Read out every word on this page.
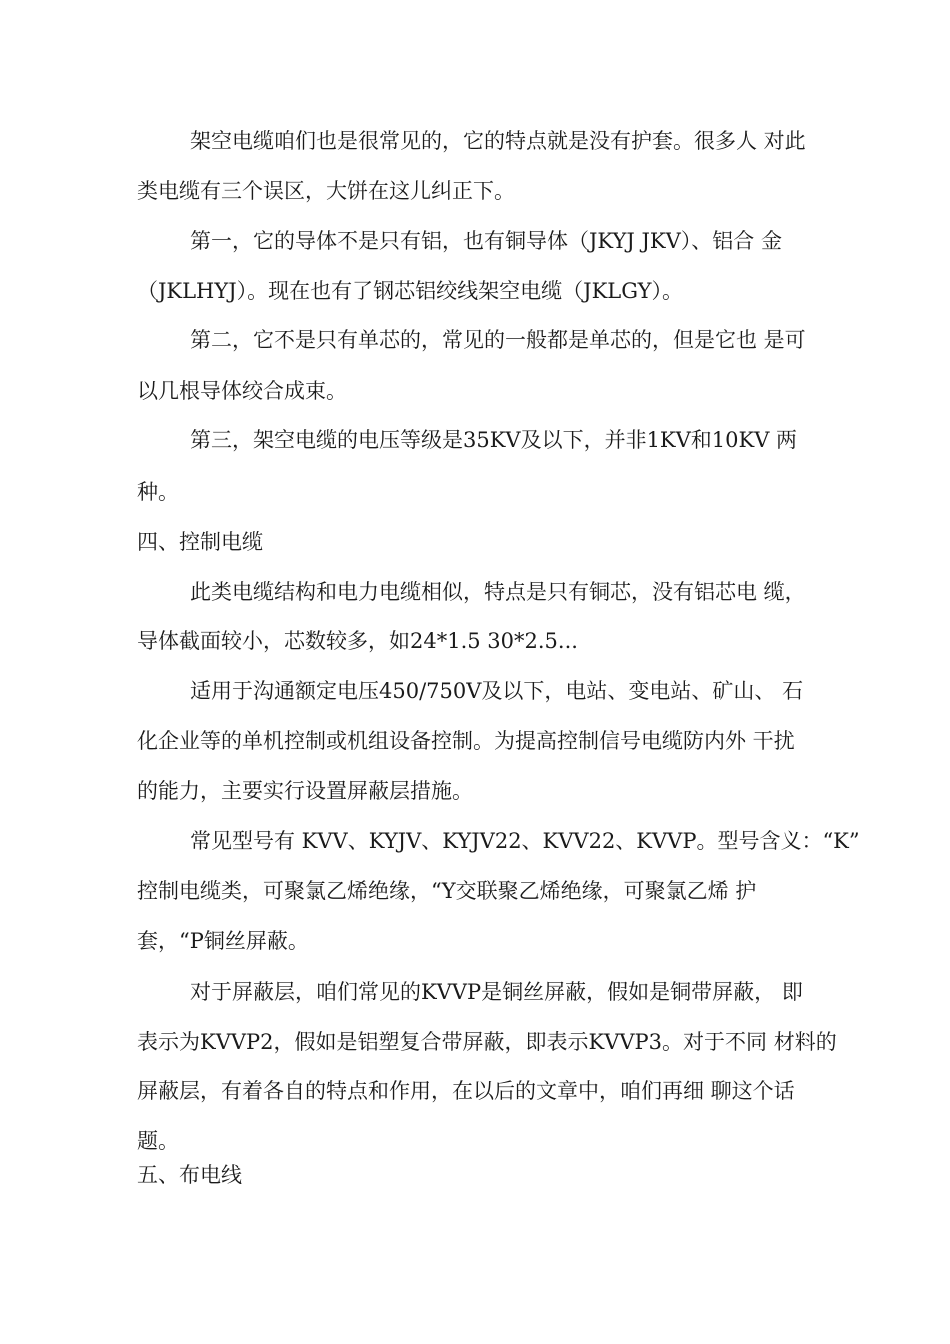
架空电缆咱们也是很常见的，它的特点就是没有护套。很多人 对此
类电缆有三个误区，大饼在这儿纠正下。
第一，它的导体不是只有铝，也有铜导体（JKYJ JKV）、铝合 金
（JKLHYJ）。现在也有了钢芯铝绞线架空电缆（JKLGY）。
第二，它不是只有单芯的，常见的一般都是单芯的，但是它也 是可
以几根导体绞合成束。
第三，架空电缆的电压等级是35KV及以下，并非1KV和10KV 两
种。
四、控制电缆
此类电缆结构和电力电缆相似，特点是只有铜芯，没有铝芯电 缆，
导体截面较小，芯数较多，如24*1.5 30*2.5...
适用于沟通额定电压450/750V及以下，电站、变电站、矿山、 石
化企业等的单机控制或机组设备控制。为提高控制信号电缆防内外 干扰
的能力，主要实行设置屏蔽层措施。
常见型号有 KVV、KYJV、KYJV22、KVV22、KVVP。型号含义：“K”
控制电缆类，可聚氯乙烯绝缘，“Y交联聚乙烯绝缘，可聚氯乙烯 护
套，“P铜丝屏蔽。
对于屏蔽层，咱们常见的KVVP是铜丝屏蔽，假如是铜带屏蔽， 即
表示为KVVP2，假如是铝塑复合带屏蔽，即表示KVVP3。对于不同 材料的
屏蔽层，有着各自的特点和作用，在以后的文章中，咱们再细 聊这个话
题。
五、布电线
